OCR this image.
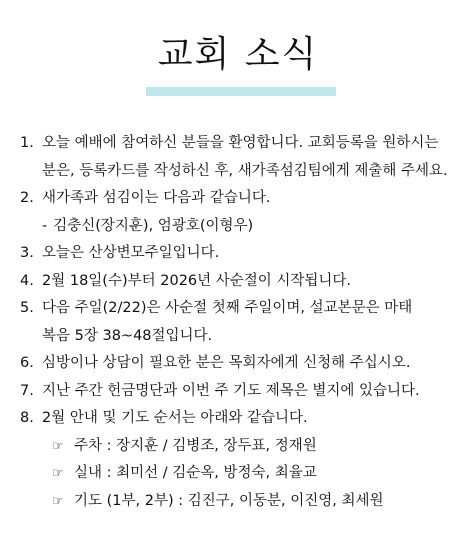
교회 소식
1. 오늘 예배에 참여하신 분들을 환영합니다. 교회등록을 원하시는
분은, 등록카드를 작성하신 후, 새가족섬김팀에게 제출해 주세요.
2. 새가족과 섬김이는 다음과 같습니다.
- 김충신(장지훈), 엄광호(이형우)
3. 오늘은 산상변모주일입니다.
4. 2월 18일(수)부터 2026년 사순절이 시작됩니다.
5. 다음 주일(2/22)은 사순절 첫째 주일이며, 설교본문은 마태
복음 5장 38~48절입니다.
6. 심방이나 상담이 필요한 분은 목회자에게 신청해 주십시오.
7. 지난 주간 헌금명단과 이번 주 기도 제목은 별지에 있습니다.
8. 2월 안내 및 기도 순서는 아래와 같습니다.
☞ 주차 : 장지훈 / 김병조, 장두표, 정재원
☞ 실내 : 최미선 / 김순옥, 방정숙, 최율교
☞ 기도 (1부, 2부) : 김진구, 이동분, 이진영, 최세원
